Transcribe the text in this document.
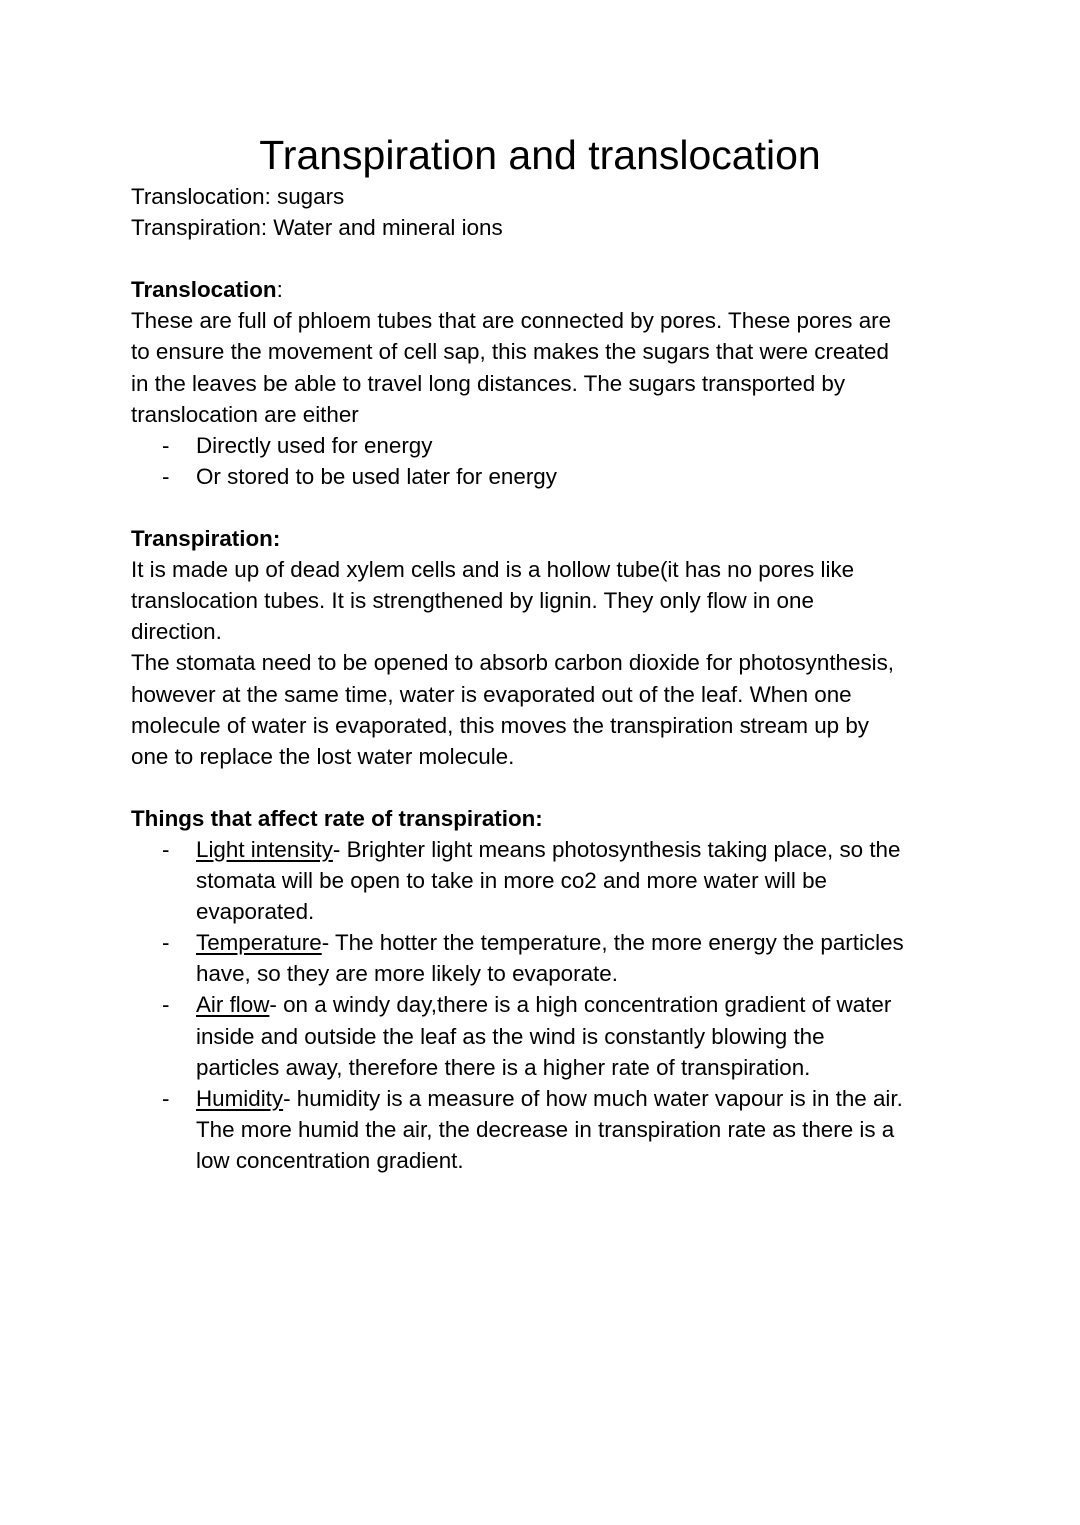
Transpiration and translocation

Translocation: sugars

Transpiration: Water and mineral ions

Translocation:

These are full of phloem tubes that are connected by pores. These pores are

to ensure the movement of cell sap, this makes the sugars that were created

in the leaves be able to travel long distances. The sugars transported by

translocation are either

- Directly used for energy
- Or stored to be used later for energy

Transpiration:

It is made up of dead xylem cells and is a hollow tube(it has no pores like

translocation tubes. It is strengthened by lignin. They only flow in one

direction.

The stomata need to be opened to absorb carbon dioxide for photosynthesis,

however at the same time, water is evaporated out of the leaf. When one

molecule of water is evaporated, this moves the transpiration stream up by

one to replace the lost water molecule.

Things that affect rate of transpiration:

- Light intensity- Brighter light means photosynthesis taking place, so the
stomata will be open to take in more co2 and more water will be
evaporated.
- Temperature- The hotter the temperature, the more energy the particles
have, so they are more likely to evaporate.
- Air flow- on a windy day,there is a high concentration gradient of water
inside and outside the leaf as the wind is constantly blowing the
particles away, therefore there is a higher rate of transpiration.
- Humidity- humidity is a measure of how much water vapour is in the air.
The more humid the air, the decrease in transpiration rate as there is a
low concentration gradient.
